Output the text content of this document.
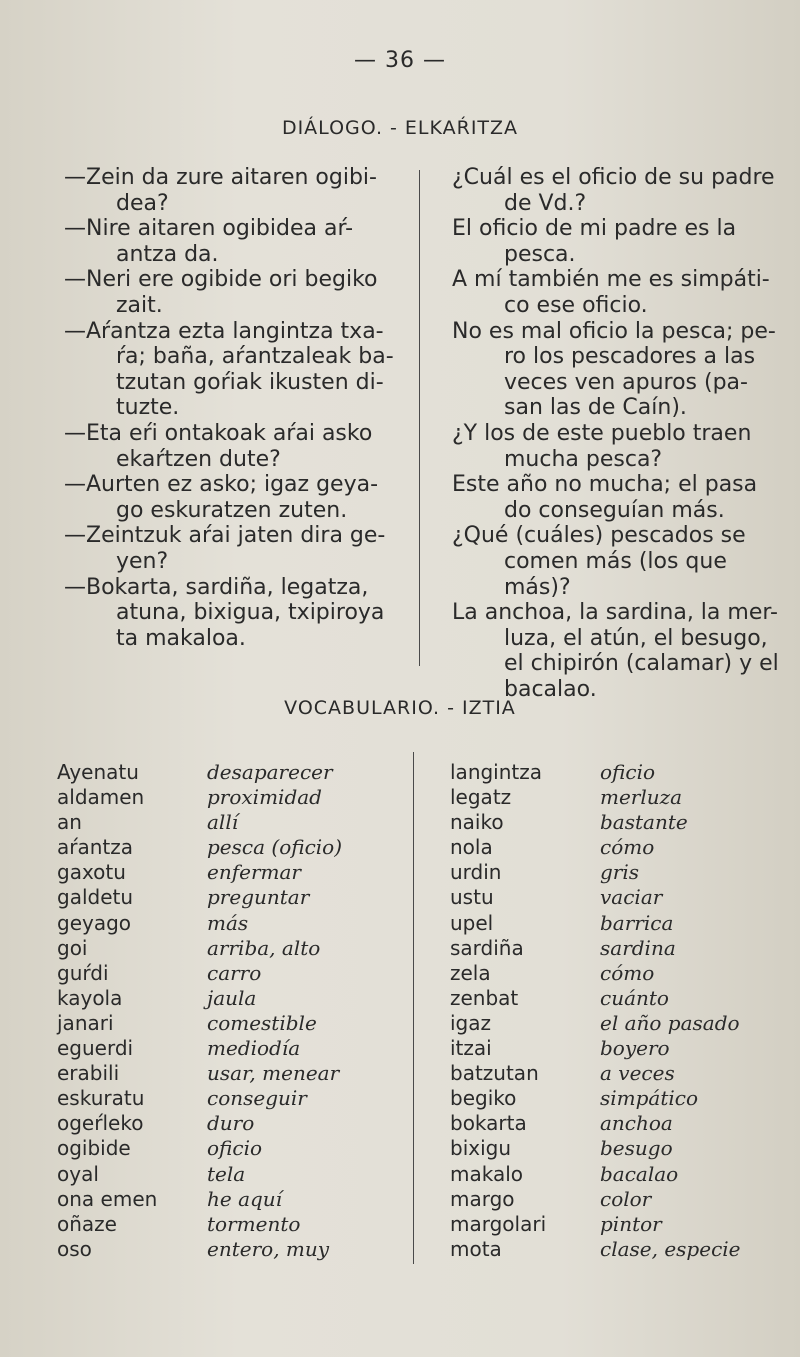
— 36 —
DIÁLOGO. - ELKAŔITZA

—Zein da zure aitaren ogibi-

dea?

—Nire aitaren ogibidea aŕ-

antza da.

—Neri ere ogibide ori begiko

zait.

—Aŕantza ezta langintza txa-

ŕa; baña, aŕantzaleak ba-

tzutan goŕiak ikusten di-

tuzte.

—Eta eŕi ontakoak aŕai asko

ekaŕtzen dute?

—Aurten ez asko; igaz geya-

go eskuratzen zuten.

—Zeintzuk aŕai jaten dira ge-

yen?

—Bokarta, sardiña, legatza,

atuna, bixigua, txipiroya

ta makaloa.

¿Cuál es el oficio de su padre

de Vd.?

El oficio de mi padre es la

pesca.

A mí también me es simpáti-

co ese oficio.

No es mal oficio la pesca; pe-

ro los pescadores a las

veces ven apuros (pa-

san las de Caín).

¿Y los de este pueblo traen

mucha pesca?

Este año no mucha; el pasa

do conseguían más.

¿Qué (cuáles) pescados se

comen más (los que más)?

La anchoa, la sardina, la mer-

luza, el atún, el besugo,

el chipirón (calamar) y el

bacalao.

VOCABULARIO. - IZTIA
Ayenatu	desaparecer
aldamen	proximidad
an	allí
aŕantza	pesca (oficio)
gaxotu	enfermar
galdetu	preguntar
geyago	más
goi	arriba, alto
guŕdi	carro
kayola	jaula
janari	comestible
eguerdi	mediodía
erabili	usar, menear
eskuratu	conseguir
ogeŕleko	duro
ogibide	oficio
oyal	tela
ona emen	he aquí
oñaze	tormento
oso	entero, muy
langintza	oficio
legatz	merluza
naiko	bastante
nola	cómo
urdin	gris
ustu	vaciar
upel	barrica
sardiña	sardina
zela	cómo
zenbat	cuánto
igaz	el año pasado
itzai	boyero
batzutan	a veces
begiko	simpático
bokarta	anchoa
bixigu	besugo
makalo	bacalao
margo	color
margolari	pintor
mota	clase, especie
